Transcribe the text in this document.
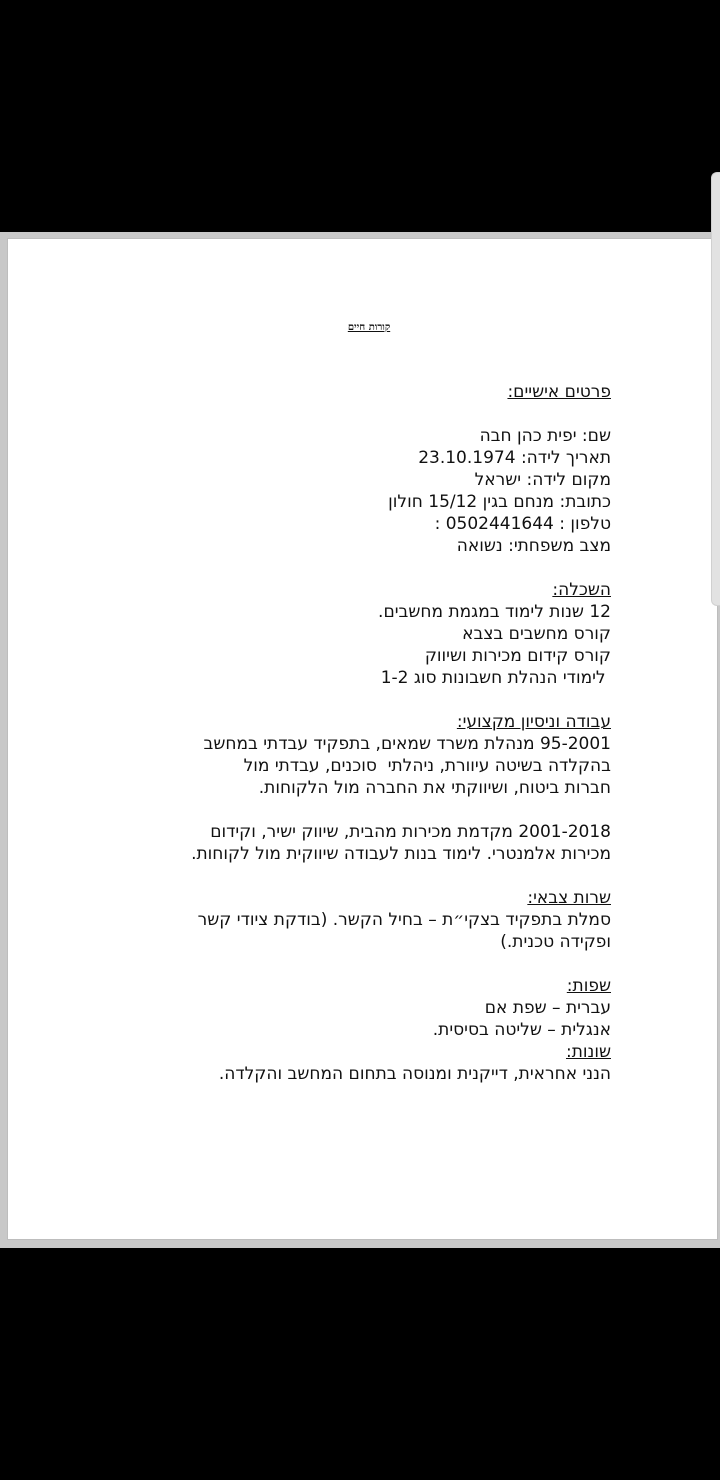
קורות חיים
פרטים אישיים:
שם: יפית כהן חבה
תאריך לידה: 23.10.1974
מקום לידה: ישראל
כתובת: מנחם בגין 15/12 חולון
טלפון : 0502441644 :
מצב משפחתי: נשואה
השכלה:
12 שנות לימוד במגמת מחשבים.
קורס מחשבים בצבא
קורס קידום מכירות ושיווק
לימודי הנהלת חשבונות סוג 1-2
עבודה וניסיון מקצועי:
95-2001 מנהלת משרד שמאים, בתפקיד עבדתי במחשב
בהקלדה בשיטה עיוורת, ניהלתי  סוכנים, עבדתי מול
חברות ביטוח, ושיווקתי את החברה מול הלקוחות.
2001-2018 מקדמת מכירות מהבית, שיווק ישיר, וקידום
מכירות אלמנטרי. לימוד בנות לעבודה שיווקית מול לקוחות.
שרות צבאי:
סמלת בתפקיד בצקי״ת – בחיל הקשר. (בודקת ציודי קשר
ופקידה טכנית.)
שפות:
עברית – שפת אם
אנגלית – שליטה בסיסית.
שונות:
הנני אחראית, דייקנית ומנוסה בתחום המחשב והקלדה.
